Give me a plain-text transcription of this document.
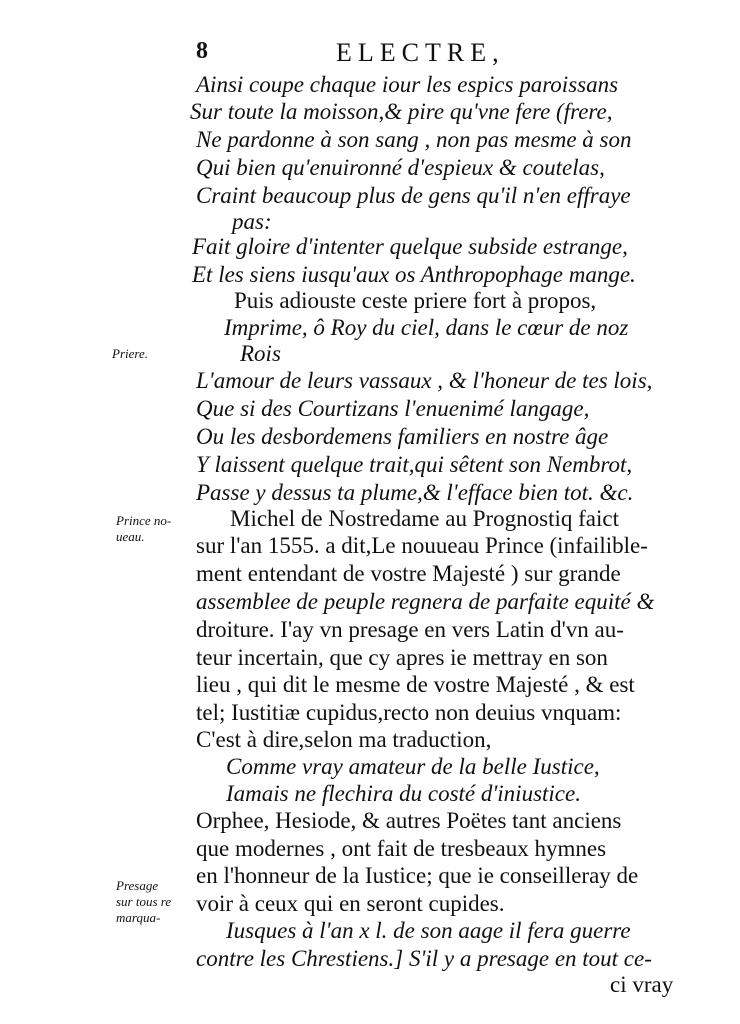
8	ELECTRE,
Ainsi coupe chaque iour les espics paroissans
Sur toute la moisson,& pire qu'vne fere (frere,
Ne pardonne à son sang , non pas mesme à son
Qui bien qu'enuironné d'espieux & coutelas,
Craint beaucoup plus de gens qu'il n'en effraye
pas:
Fait gloire d'intenter quelque subside estrange,
Et les siens iusqu'aux os Anthropophage mange.
Puis adiouste ceste priere fort à propos,
Imprime, ô Roy du ciel, dans le cœur de noz
Rois
L'amour de leurs vassaux , & l'honeur de tes lois,
Que si des Courtizans l'enuenimé langage,
Ou les desbordemens familiers en nostre âge
Y laissent quelque trait,qui sêtent son Nembrot,
Passe y dessus ta plume,& l'efface bien tot. &c.
Michel de Nostredame au Prognostiq faict
sur l'an 1555. a dit,Le nouueau Prince (infailible-
ment entendant de vostre Majesté ) sur grande
assemblee de peuple regnera de parfaite equité &
droiture. I'ay vn presage en vers Latin d'vn au-
teur incertain, que cy apres ie mettray en son
lieu , qui dit le mesme de vostre Majesté , & est
tel; Iustitiæ cupidus,recto non deuius vnquam:
C'est à dire,selon ma traduction,
Comme vray amateur de la belle Iustice,
Iamais ne flechira du costé d'iniustice.
Orphee, Hesiode, & autres Poëtes tant anciens
que modernes , ont fait de tresbeaux hymnes
en l'honneur de la Iustice; que ie conseilleray de
voir à ceux qui en seront cupides.
Iusques à l'an x l. de son aage il fera guerre
contre les Chrestiens.] S'il y a presage en tout ce-
ci vray
Priere.
Prince no-
ueau.
Presage
sur tous re
marqua-
